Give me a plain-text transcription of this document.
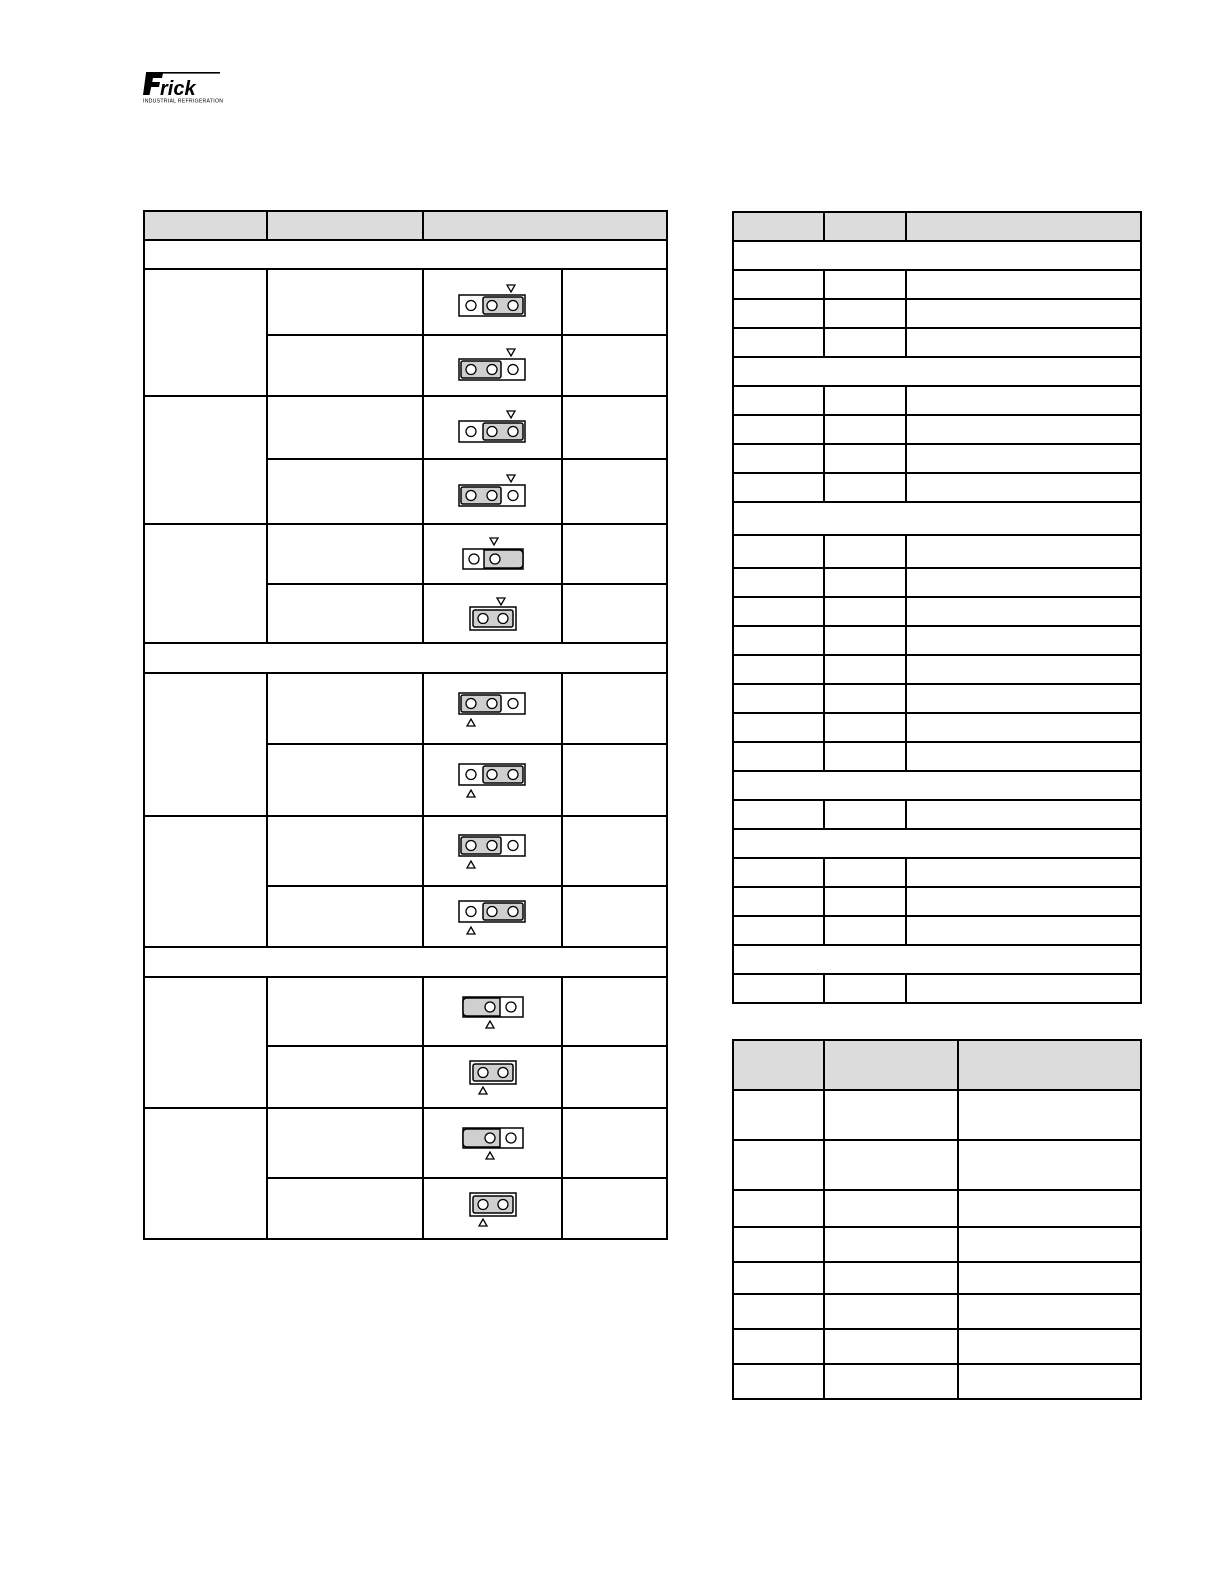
rick
INDUSTRIAL REFRIGERATION
